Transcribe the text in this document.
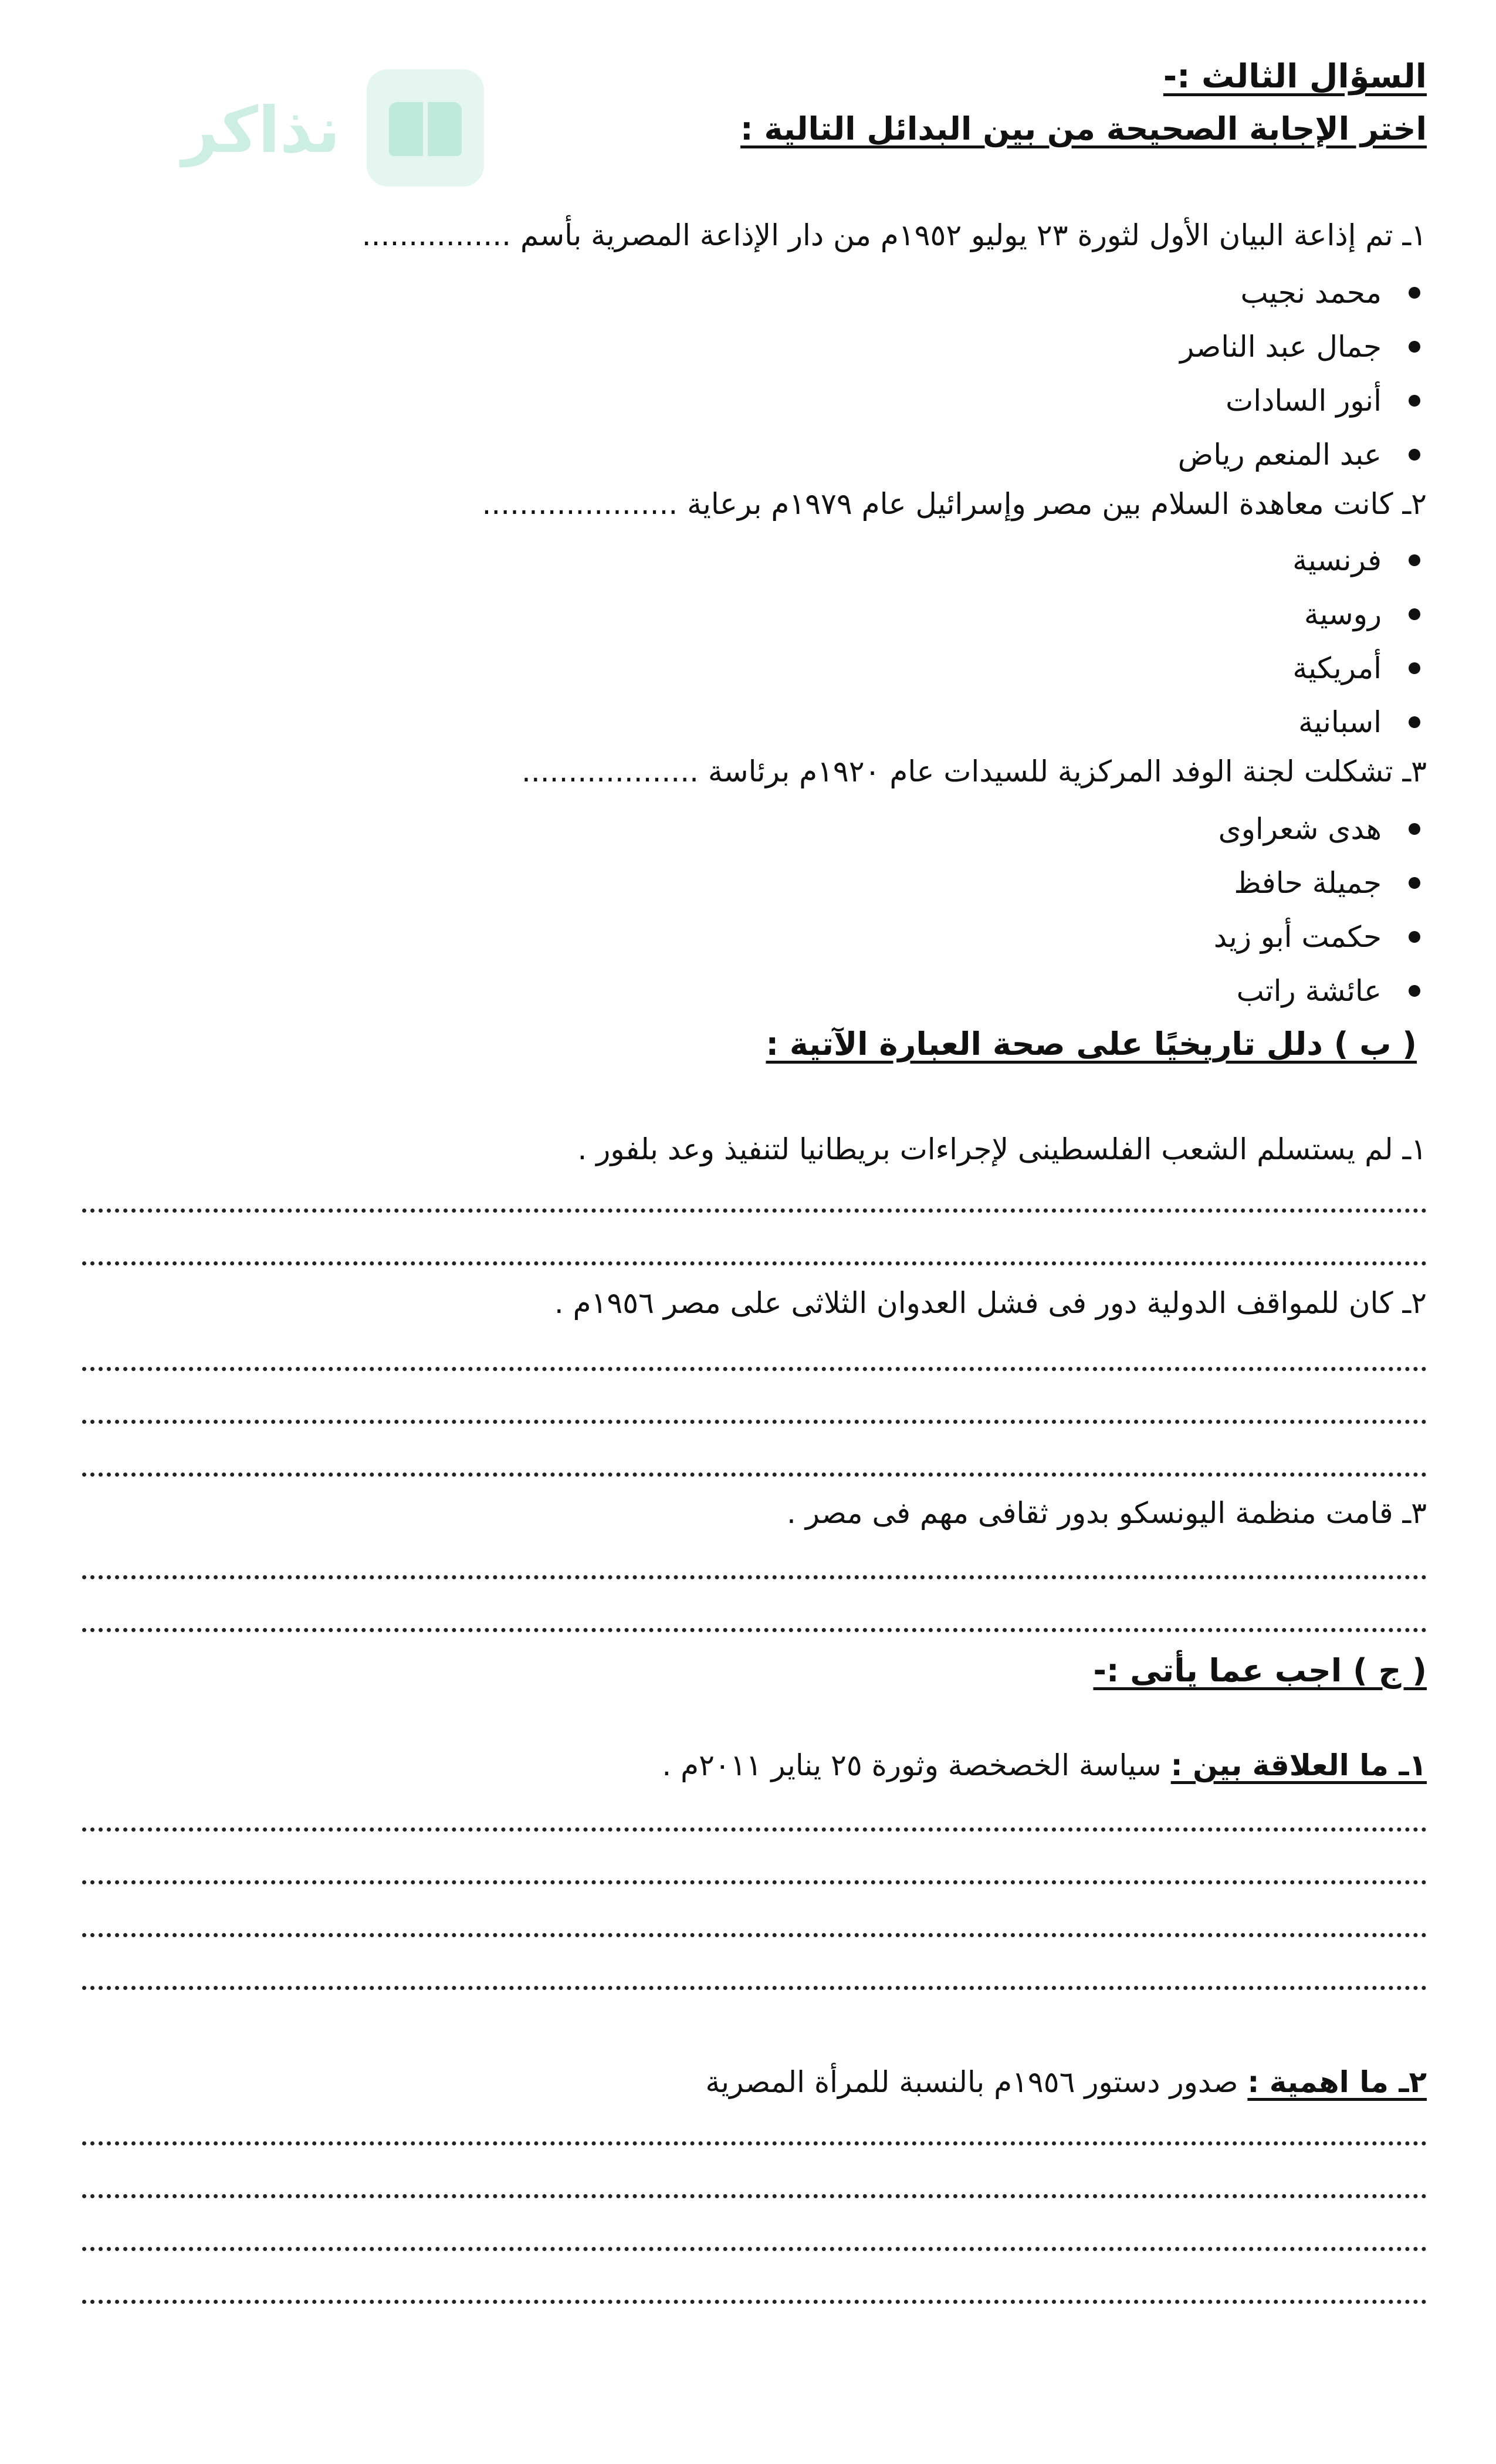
نذاكر
السؤال الثالث :-
اختر الإجابة الصحيحة من بين البدائل التالية :
١ـ تم إذاعة البيان الأول لثورة ٢٣ يوليو ١٩٥٢م من دار الإذاعة المصرية بأسم ................
محمد نجيب
جمال عبد الناصر
أنور السادات
عبد المنعم رياض
٢ـ كانت معاهدة السلام بين مصر وإسرائيل عام ١٩٧٩م برعاية .....................
فرنسية
روسية
أمريكية
اسبانية
٣ـ تشكلت لجنة الوفد المركزية للسيدات عام ١٩٢٠م برئاسة ...................
هدى شعراوى
جميلة حافظ
حكمت أبو زيد
عائشة راتب
( ب ) دلل تاريخيًا على صحة العبارة الآتية :
١ـ لم يستسلم الشعب الفلسطينى لإجراءات بريطانيا لتنفيذ وعد بلفور .
٢ـ كان للمواقف الدولية دور فى فشل العدوان الثلاثى على مصر ١٩٥٦م .
٣ـ قامت منظمة اليونسكو بدور ثقافى مهم فى مصر .
( ج ) اجب عما يأتى :-
١ـ ما العلاقة بين : سياسة الخصخصة وثورة ٢٥ يناير ٢٠١١م .
٢ـ ما اهمية : صدور دستور ١٩٥٦م بالنسبة للمرأة المصرية
